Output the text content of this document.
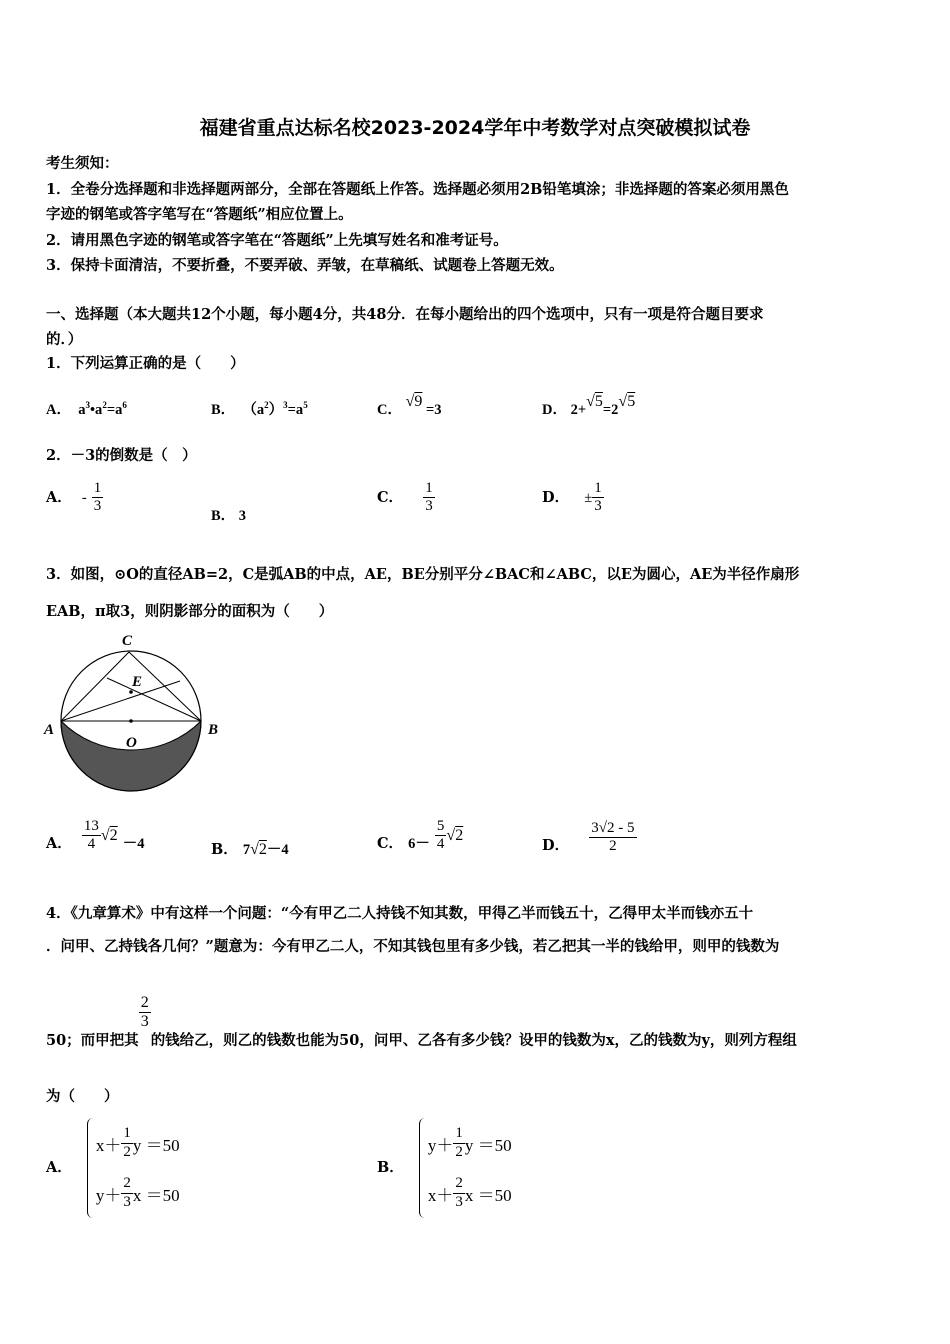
福建省重点达标名校2023-2024学年中考数学对点突破模拟试卷
考生须知：
1．全卷分选择题和非选择题两部分，全部在答题纸上作答。选择题必须用2B铅笔填涂；非选择题的答案必须用黑色
字迹的钢笔或答字笔写在“答题纸”相应位置上。
2．请用黑色字迹的钢笔或答字笔在“答题纸”上先填写姓名和准考证号。
3．保持卡面清洁，不要折叠，不要弄破、弄皱，在草稿纸、试题卷上答题无效。
一、选择题（本大题共12个小题，每小题4分，共48分．在每小题给出的四个选项中，只有一项是符合题目要求
的．）
1．下列运算正确的是（　　）
A． $a^3•a^2=a^6$	B． $(a^2)^3=a^5$	C． √9 =3	D． 2+√5=2√5
2．－3的倒数是（　）
A． - $\frac{1}{3}$
B． 3
C． $\frac{1}{3}$	D． ± $\frac{1}{3}$
3．如图，⊙O的直径AB=2，C是弧AB的中点，AE，BE分别平分∠BAC和∠ABC，以E为圆心，AE为半径作扇形
EAB，π取3，则阴影部分的面积为（　　）
C
E
A	B
O
A． $\frac{13}{4} √2 -4$	B． 7√2－4	C． $6- \frac{5}{4} √2$
D． $\frac{3√2 - 5}{2}$
4．《九章算术》中有这样一个问题：“今有甲乙二人持钱不知其数，甲得乙半而钱五十，乙得甲太半而钱亦五十
．问甲、乙持钱各几何？”题意为：今有甲乙二人，不知其钱包里有多少钱，若乙把其一半的钱给甲，则甲的钱数为
50；而甲把其
$\frac{2}{3}$
的钱给乙，则乙的钱数也能为50，问甲、乙各有多少钱？设甲的钱数为x，乙的钱数为y，则列方程组
为（　　）
A．
$x+ \frac{1}{2}$ y ＝50
$y+ \frac{2}{3}$ x ＝50
B．
$y+ \frac{1}{2}$ y ＝50
$x+ \frac{2}{3}$ x ＝50
